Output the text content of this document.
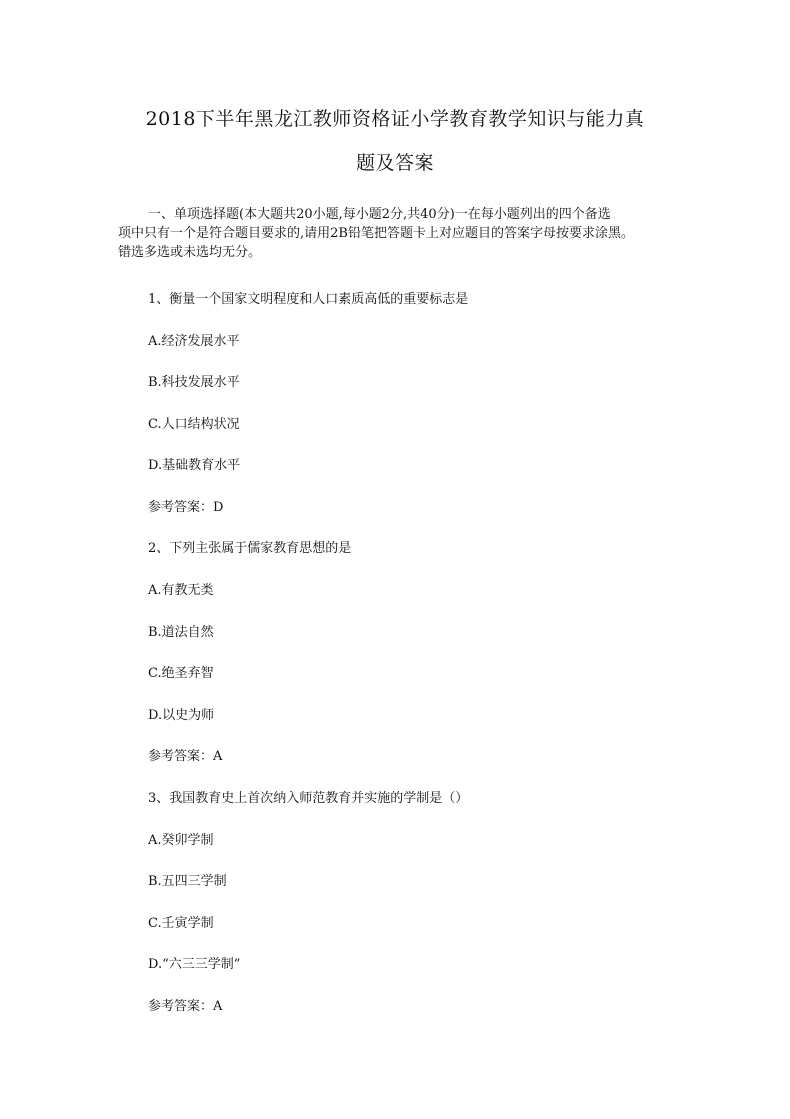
2018下半年黑龙江教师资格证小学教育教学知识与能力真
题及答案
一、单项选择题(本大题共20小题,每小题2分,共40分)一在每小题列出的四个备选
项中只有一个是符合题目要求的,请用2B铅笔把答题卡上对应题目的答案字母按要求涂黑。
错选多选或未选均无分。
1、衡量一个国家文明程度和人口素质高低的重要标志是
A.经济发展水平
B.科技发展水平
C.人口结构状况
D.基础教育水平
参考答案：D
2、下列主张属于儒家教育思想的是
A.有教无类
B.道法自然
C.绝圣弃智
D.以史为师
参考答案：A
3、我国教育史上首次纳入师范教育并实施的学制是（）
A.癸卯学制
B.五四三学制
C.壬寅学制
D.“六三三学制”
参考答案：A
